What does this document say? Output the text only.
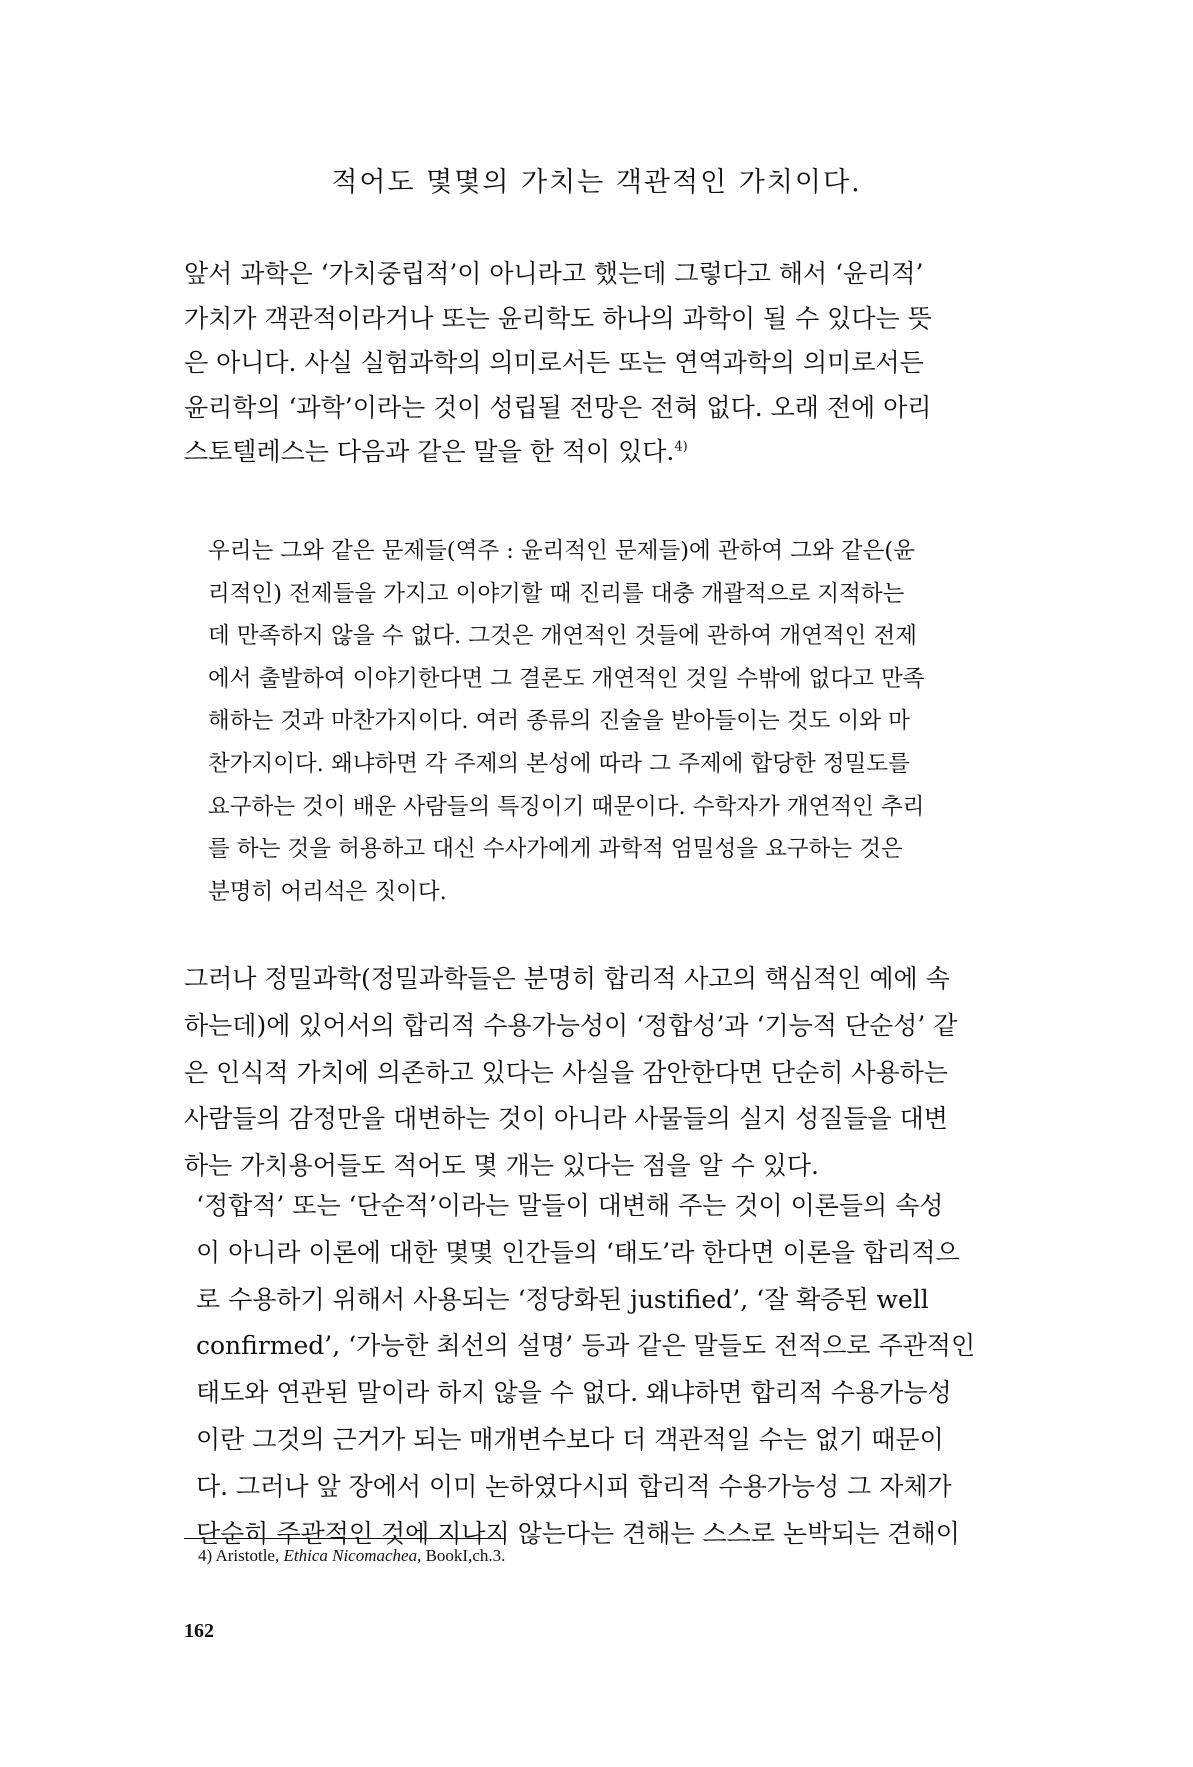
적어도 몇몇의 가치는 객관적인 가치이다.
앞서 과학은 ‘가치중립적’이 아니라고 했는데 그렇다고 해서 ‘윤리적’
가치가 객관적이라거나 또는 윤리학도 하나의 과학이 될 수 있다는 뜻
은 아니다. 사실 실험과학의 의미로서든 또는 연역과학의 의미로서든
윤리학의 ‘과학’이라는 것이 성립될 전망은 전혀 없다. 오래 전에 아리
스토텔레스는 다음과 같은 말을 한 적이 있다.$^{4)}$
우리는 그와 같은 문제들(역주 : 윤리적인 문제들)에 관하여 그와 같은(윤
리적인) 전제들을 가지고 이야기할 때 진리를 대충 개괄적으로 지적하는
데 만족하지 않을 수 없다. 그것은 개연적인 것들에 관하여 개연적인 전제
에서 출발하여 이야기한다면 그 결론도 개연적인 것일 수밖에 없다고 만족
해하는 것과 마찬가지이다. 여러 종류의 진술을 받아들이는 것도 이와 마
찬가지이다. 왜냐하면 각 주제의 본성에 따라 그 주제에 합당한 정밀도를
요구하는 것이 배운 사람들의 특징이기 때문이다. 수학자가 개연적인 추리
를 하는 것을 허용하고 대신 수사가에게 과학적 엄밀성을 요구하는 것은
분명히 어리석은 짓이다.
그러나 정밀과학(정밀과학들은 분명히 합리적 사고의 핵심적인 예에 속
하는데)에 있어서의 합리적 수용가능성이 ‘정합성’과 ‘기능적 단순성’ 같
은 인식적 가치에 의존하고 있다는 사실을 감안한다면 단순히 사용하는
사람들의 감정만을 대변하는 것이 아니라 사물들의 실지 성질들을 대변
하는 가치용어들도 적어도 몇 개는 있다는 점을 알 수 있다.
‘정합적’ 또는 ‘단순적’이라는 말들이 대변해 주는 것이 이론들의 속성
이 아니라 이론에 대한 몇몇 인간들의 ‘태도’라 한다면 이론을 합리적으
로 수용하기 위해서 사용되는 ‘정당화된 justified’, ‘잘 확증된 well
confirmed’, ‘가능한 최선의 설명’ 등과 같은 말들도 전적으로 주관적인
태도와 연관된 말이라 하지 않을 수 없다. 왜냐하면 합리적 수용가능성
이란 그것의 근거가 되는 매개변수보다 더 객관적일 수는 없기 때문이
다. 그러나 앞 장에서 이미 논하였다시피 합리적 수용가능성 그 자체가
단순히 주관적인 것에 지나지 않는다는 견해는 스스로 논박되는 견해이
4) Aristotle, Ethica Nicomachea, BookI,ch.3.
162
